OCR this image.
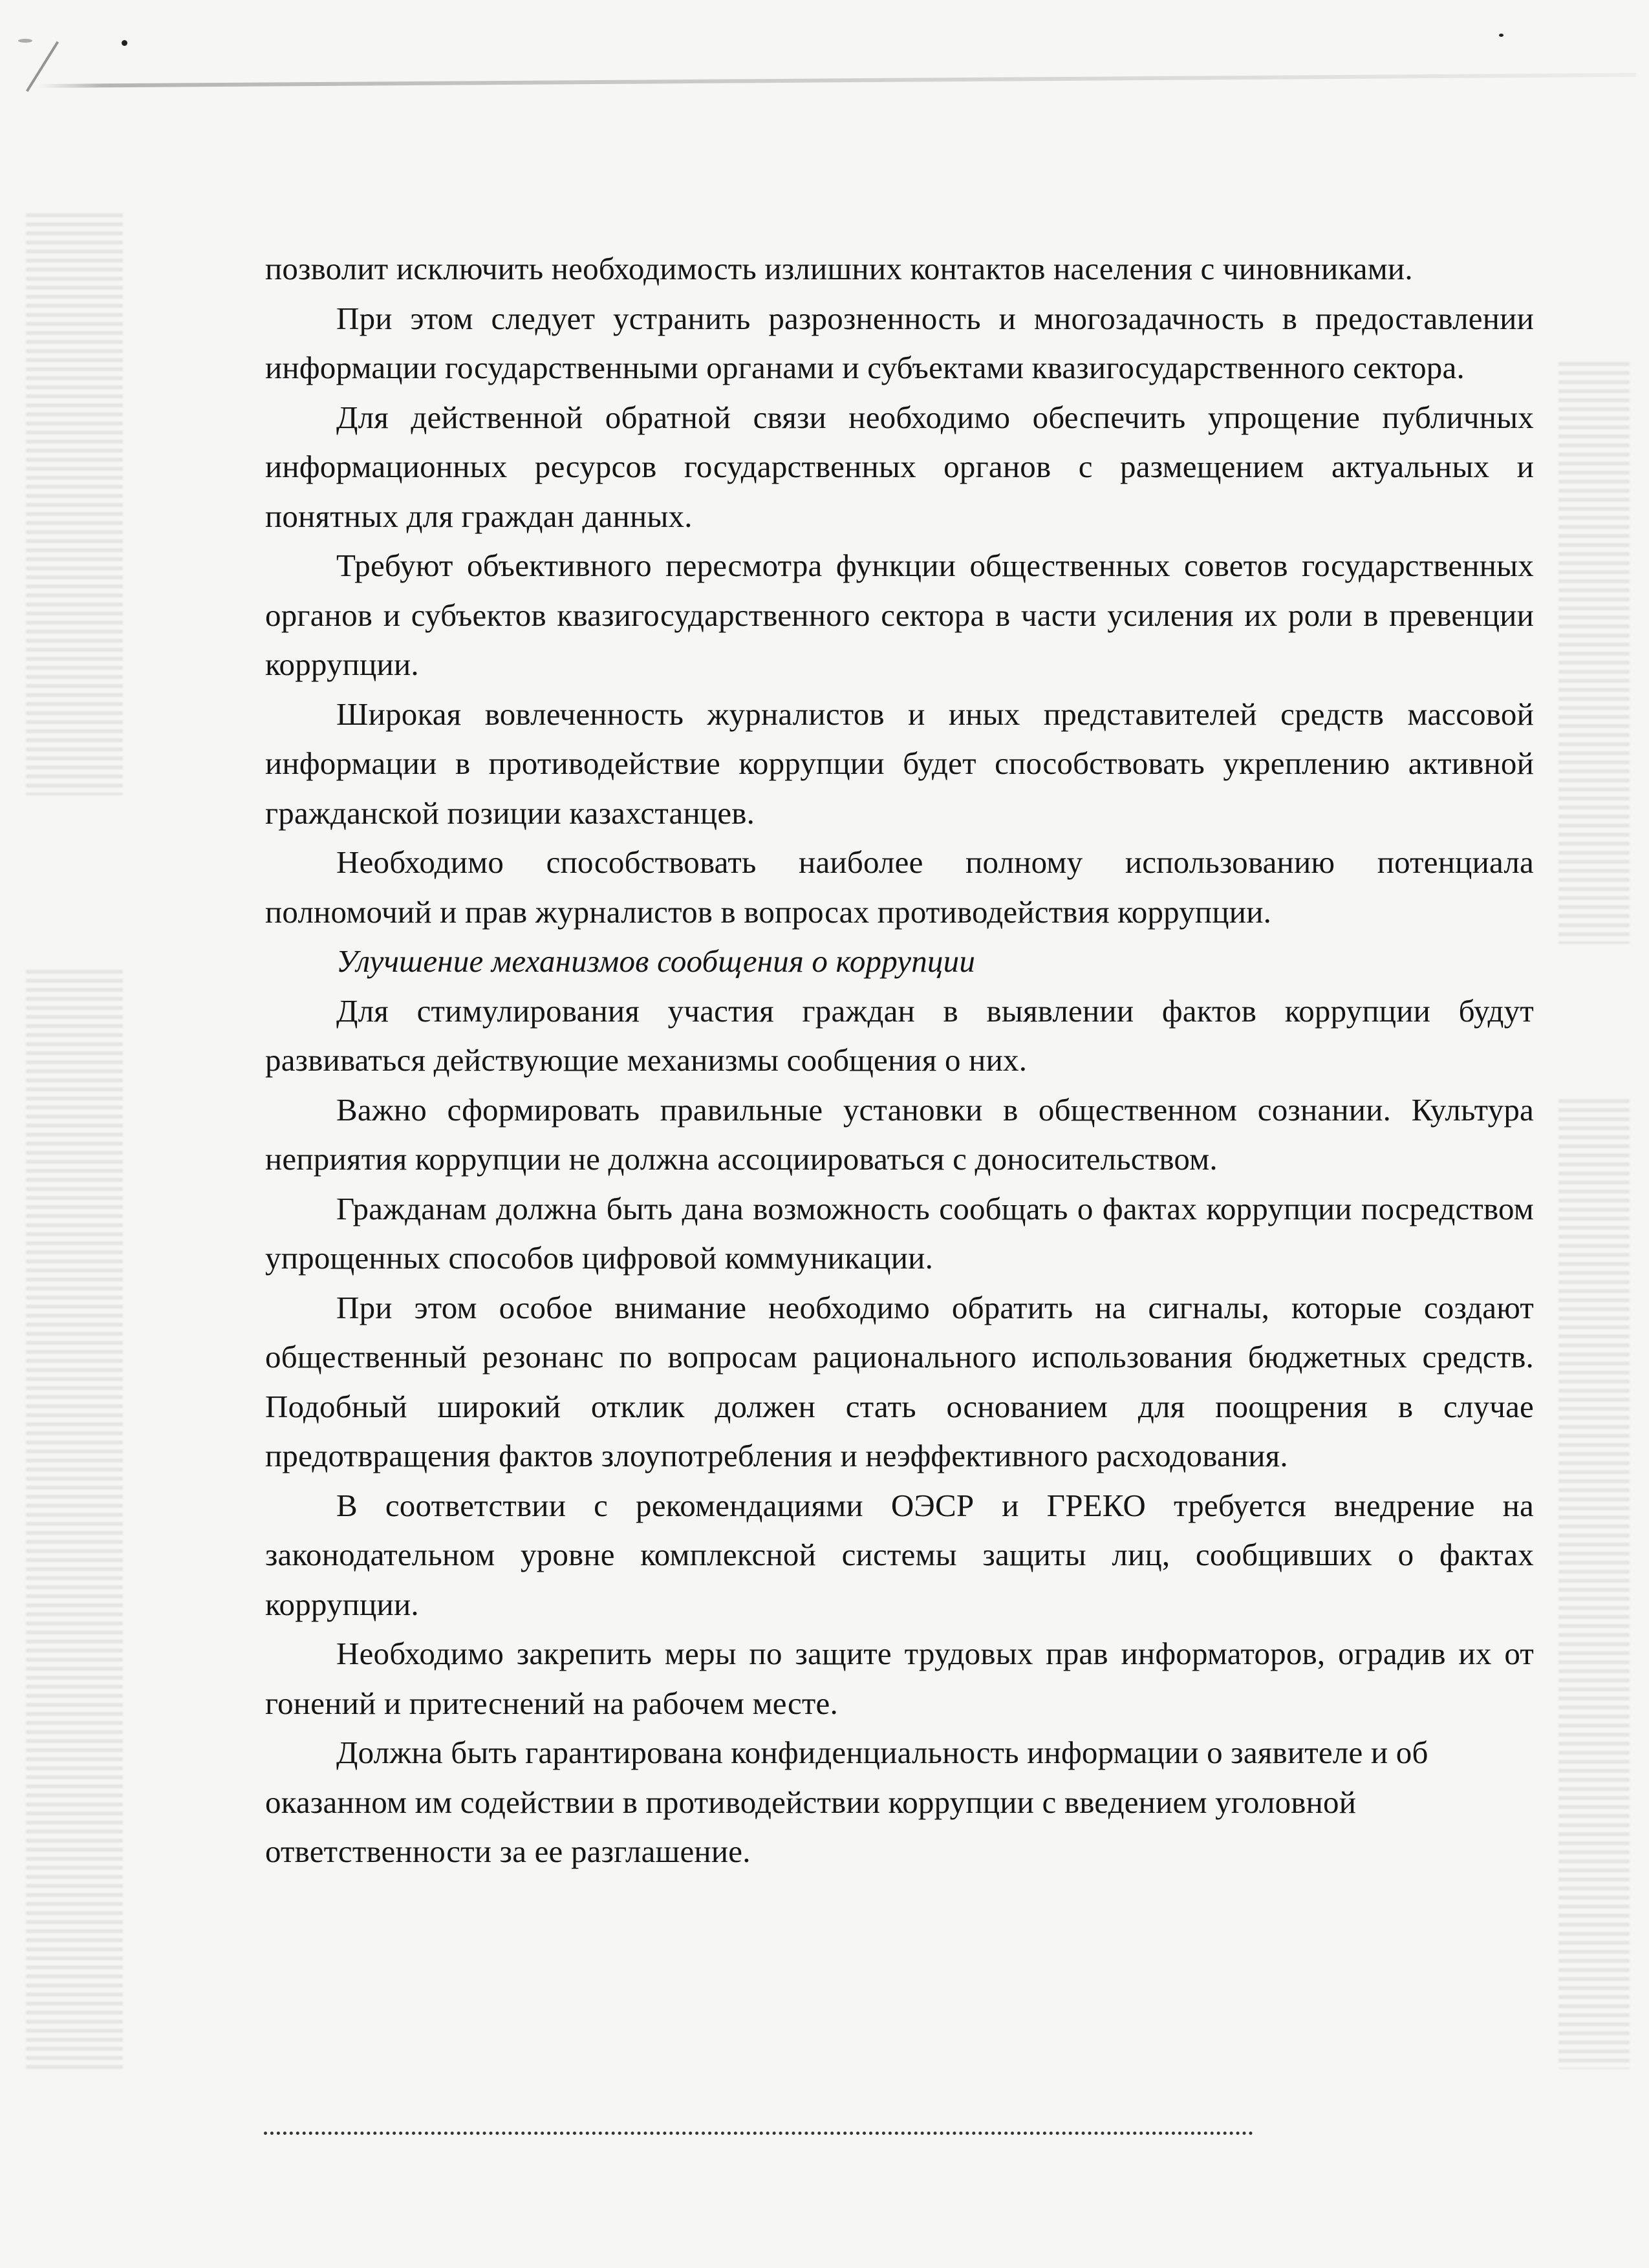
позволит исключить необходимость излишних контактов населения с чиновниками.

При этом следует устранить разрозненность и многозадачность в предоставлении информации государственными органами и субъектами квазигосударственного сектора.

Для действенной обратной связи необходимо обеспечить упрощение публичных информационных ресурсов государственных органов с размещением актуальных и понятных для граждан данных.

Требуют объективного пересмотра функции общественных советов государственных органов и субъектов квазигосударственного сектора в части усиления их роли в превенции коррупции.

Широкая вовлеченность журналистов и иных представителей средств массовой информации в противодействие коррупции будет способствовать укреплению активной гражданской позиции казахстанцев.

Необходимо способствовать наиболее полному использованию потенциала полномочий и прав журналистов в вопросах противодействия коррупции.

Улучшение механизмов сообщения о коррупции

Для стимулирования участия граждан в выявлении фактов коррупции будут развиваться действующие механизмы сообщения о них.

Важно сформировать правильные установки в общественном сознании. Культура неприятия коррупции не должна ассоциироваться с доносительством.

Гражданам должна быть дана возможность сообщать о фактах коррупции посредством упрощенных способов цифровой коммуникации.

При этом особое внимание необходимо обратить на сигналы, которые создают общественный резонанс по вопросам рационального использования бюджетных средств. Подобный широкий отклик должен стать основанием для поощрения в случае предотвращения фактов злоупотребления и неэффективного расходования.

В соответствии с рекомендациями ОЭСР и ГРЕКО требуется внедрение на законодательном уровне комплексной системы защиты лиц, сообщивших о фактах коррупции.

Необходимо закрепить меры по защите трудовых прав информаторов, оградив их от гонений и притеснений на рабочем месте.

Должна быть гарантирована конфиденциальность информации о заявителе и об оказанном им содействии в противодействии коррупции с введением уголовной ответственности за ее разглашение.
